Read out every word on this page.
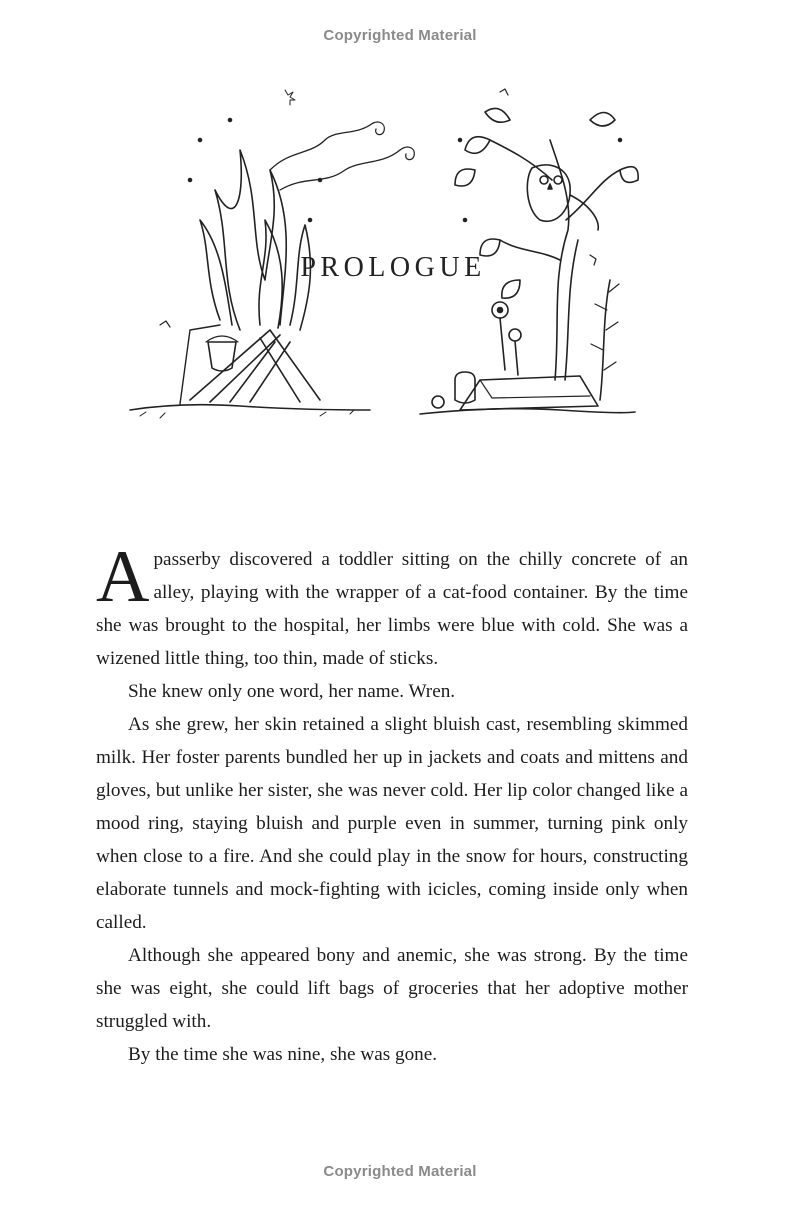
Copyrighted Material
PROLOGUE

A passerby discovered a toddler sitting on the chilly concrete of an alley, playing with the wrapper of a cat-food container. By the time she was brought to the hospital, her limbs were blue with cold. She was a wizened little thing, too thin, made of sticks.

She knew only one word, her name. Wren.

As she grew, her skin retained a slight bluish cast, resembling skimmed milk. Her foster parents bundled her up in jackets and coats and mittens and gloves, but unlike her sister, she was never cold. Her lip color changed like a mood ring, staying bluish and purple even in summer, turning pink only when close to a fire. And she could play in the snow for hours, constructing elaborate tunnels and mock-fighting with icicles, coming inside only when called.

Although she appeared bony and anemic, she was strong. By the time she was eight, she could lift bags of groceries that her adoptive mother struggled with.

By the time she was nine, she was gone.

Copyrighted Material
